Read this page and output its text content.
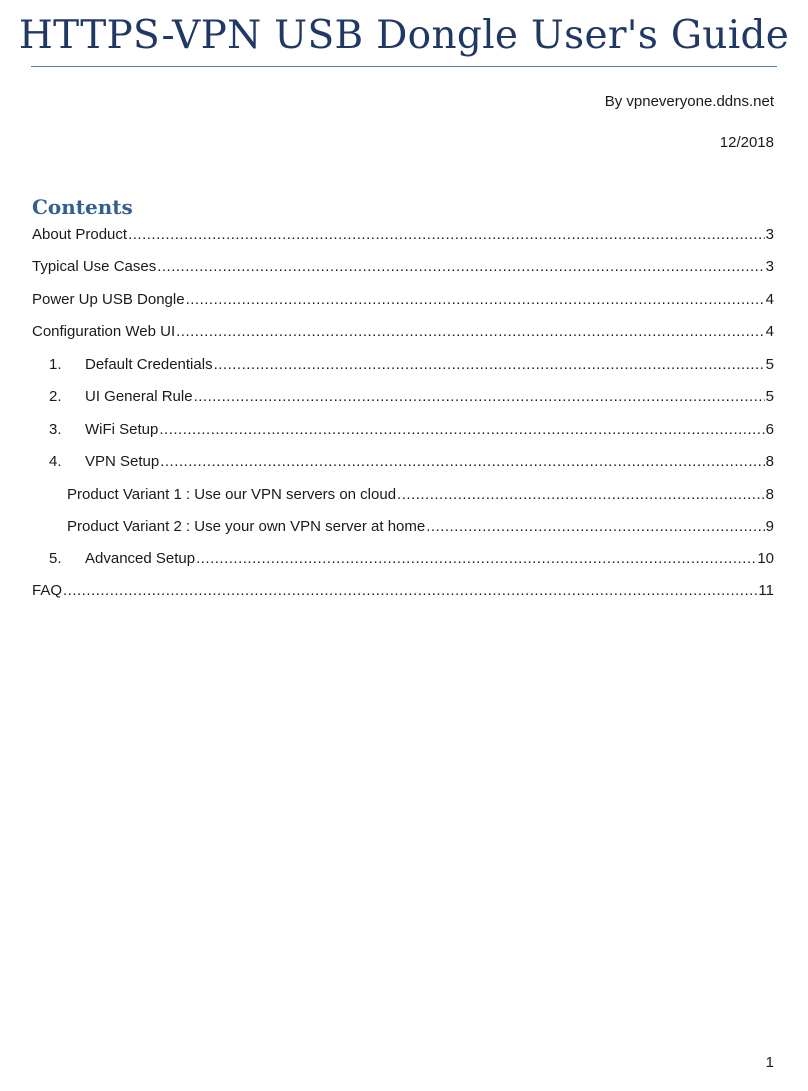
HTTPS-VPN USB Dongle User's Guide
By vpneveryone.ddns.net
12/2018
Contents
About Product .....	3
Typical Use Cases .....	3
Power Up USB Dongle .....	4
Configuration Web UI .....	4
1.	Default Credentials .....	5
2.	UI General Rule .....	5
3.	WiFi Setup .....	6
4.	VPN Setup .....	8
Product Variant 1 : Use our VPN servers on cloud .....	8
Product Variant 2 : Use your own VPN server at home .....	9
5.	Advanced Setup .....	10
FAQ .....	11
1
